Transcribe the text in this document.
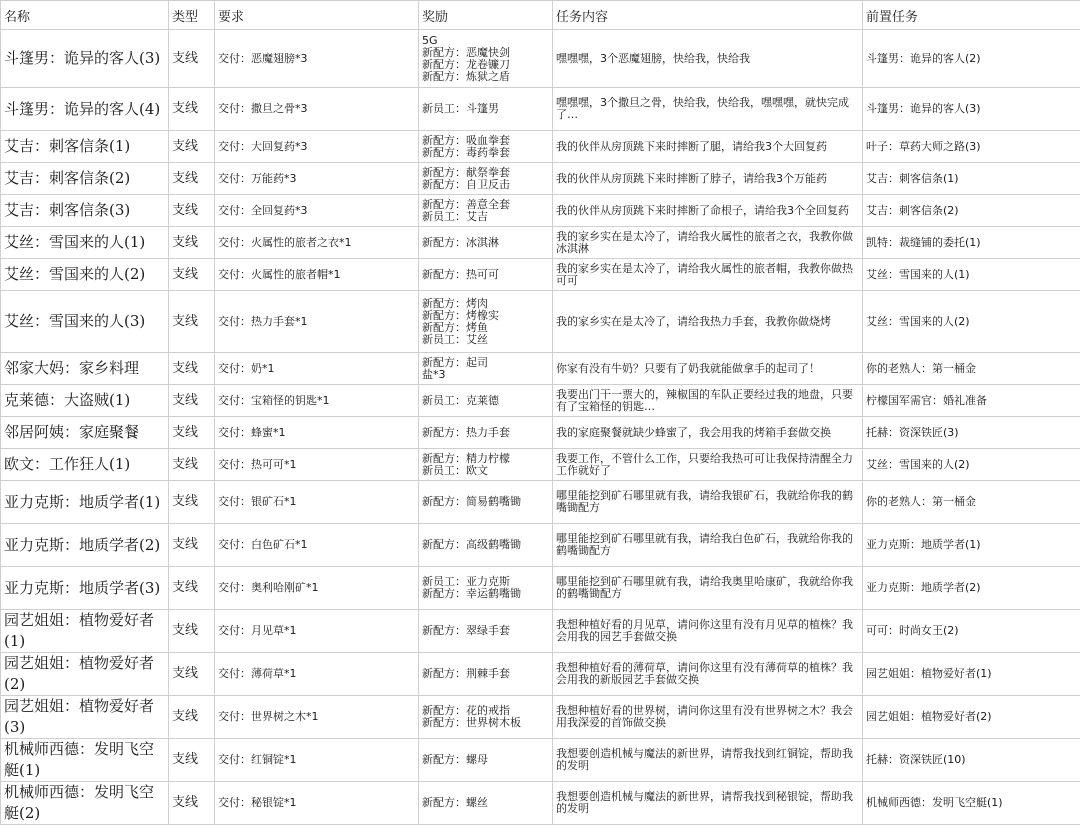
名称	类型	要求	奖励	任务内容	前置任务
斗篷男：诡异的客人(3)	支线	交付：恶魔翅膀*3	5G
新配方：恶魔快剑
新配方：龙卷镰刀
新配方：炼狱之盾	嘿嘿嘿，3个恶魔翅膀，快给我，快给我	斗篷男：诡异的客人(2)
斗篷男：诡异的客人(4)	支线	交付：撒旦之骨*3	新员工：斗篷男	嘿嘿嘿，3个撒旦之骨，快给我，快给我，嘿嘿嘿，就快完成了…	斗篷男：诡异的客人(3)
艾吉：刺客信条(1)	支线	交付：大回复药*3	新配方：吸血拳套
新配方：毒药拳套	我的伙伴从房顶跳下来时摔断了腿，请给我3个大回复药	叶子：草药大师之路(3)
艾吉：刺客信条(2)	支线	交付：万能药*3	新配方：献祭拳套
新配方：自卫反击	我的伙伴从房顶跳下来时摔断了脖子，请给我3个万能药	艾吉：刺客信条(1)
艾吉：刺客信条(3)	支线	交付：全回复药*3	新配方：善意全套
新员工：艾吉	我的伙伴从房顶跳下来时摔断了命根子，请给我3个全回复药	艾吉：刺客信条(2)
艾丝：雪国来的人(1)	支线	交付：火属性的旅者之衣*1	新配方：冰淇淋	我的家乡实在是太冷了，请给我火属性的旅者之衣，我教你做冰淇淋	凯特：裁缝铺的委托(1)
艾丝：雪国来的人(2)	支线	交付：火属性的旅者帽*1	新配方：热可可	我的家乡实在是太冷了，请给我火属性的旅者帽，我教你做热可可	艾丝：雪国来的人(1)
艾丝：雪国来的人(3)	支线	交付：热力手套*1	新配方：烤肉
新配方：烤橡实
新配方：烤鱼
新员工：艾丝	我的家乡实在是太冷了，请给我热力手套，我教你做烧烤	艾丝：雪国来的人(2)
邻家大妈：家乡料理	支线	交付：奶*1	新配方：起司
盐*3	你家有没有牛奶？只要有了奶我就能做拿手的起司了！	你的老熟人：第一桶金
克莱德：大盗贼(1)	支线	交付：宝箱怪的钥匙*1	新员工：克莱德	我要出门干一票大的，辣椒国的车队正要经过我的地盘，只要有了宝箱怪的钥匙…	柠檬国军需官：婚礼准备
邻居阿姨：家庭聚餐	支线	交付：蜂蜜*1	新配方：热力手套	我的家庭聚餐就缺少蜂蜜了，我会用我的烤箱手套做交换	托赫：资深铁匠(3)
欧文：工作狂人(1)	支线	交付：热可可*1	新配方：精力柠檬
新员工：欧文	我要工作，不管什么工作，只要给我热可可让我保持清醒全力工作就好了	艾丝：雪国来的人(2)
亚力克斯：地质学者(1)	支线	交付：银矿石*1	新配方：简易鹤嘴锄	哪里能挖到矿石哪里就有我，请给我银矿石，我就给你我的鹤嘴锄配方	你的老熟人：第一桶金
亚力克斯：地质学者(2)	支线	交付：白色矿石*1	新配方：高级鹤嘴锄	哪里能挖到矿石哪里就有我，请给我白色矿石，我就给你我的鹤嘴锄配方	亚力克斯：地质学者(1)
亚力克斯：地质学者(3)	支线	交付：奥利哈刚矿*1	新员工：亚力克斯
新配方：幸运鹤嘴锄	哪里能挖到矿石哪里就有我，请给我奥里哈康矿，我就给你我的鹤嘴锄配方	亚力克斯：地质学者(2)
园艺姐姐：植物爱好者(1)	支线	交付：月见草*1	新配方：翠绿手套	我想种植好看的月见草，请问你这里有没有月见草的植株？我会用我的园艺手套做交换	可可：时尚女王(2)
园艺姐姐：植物爱好者(2)	支线	交付：薄荷草*1	新配方：荆棘手套	我想种植好看的薄荷草，请问你这里有没有薄荷草的植株？我会用我的新版园艺手套做交换	园艺姐姐：植物爱好者(1)
园艺姐姐：植物爱好者(3)	支线	交付：世界树之木*1	新配方：花的戒指
新配方：世界树木板	我想种植好看的世界树，请问你这里有没有世界树之木？我会用我深爱的首饰做交换	园艺姐姐：植物爱好者(2)
机械师西德：发明飞空艇(1)	支线	交付：红铜锭*1	新配方：螺母	我想要创造机械与魔法的新世界，请帮我找到红铜锭，帮助我的发明	托赫：资深铁匠(10)
机械师西德：发明飞空艇(2)	支线	交付：秘银锭*1	新配方：螺丝	我想要创造机械与魔法的新世界，请帮我找到秘银锭，帮助我的发明	机械师西德：发明飞空艇(1)
